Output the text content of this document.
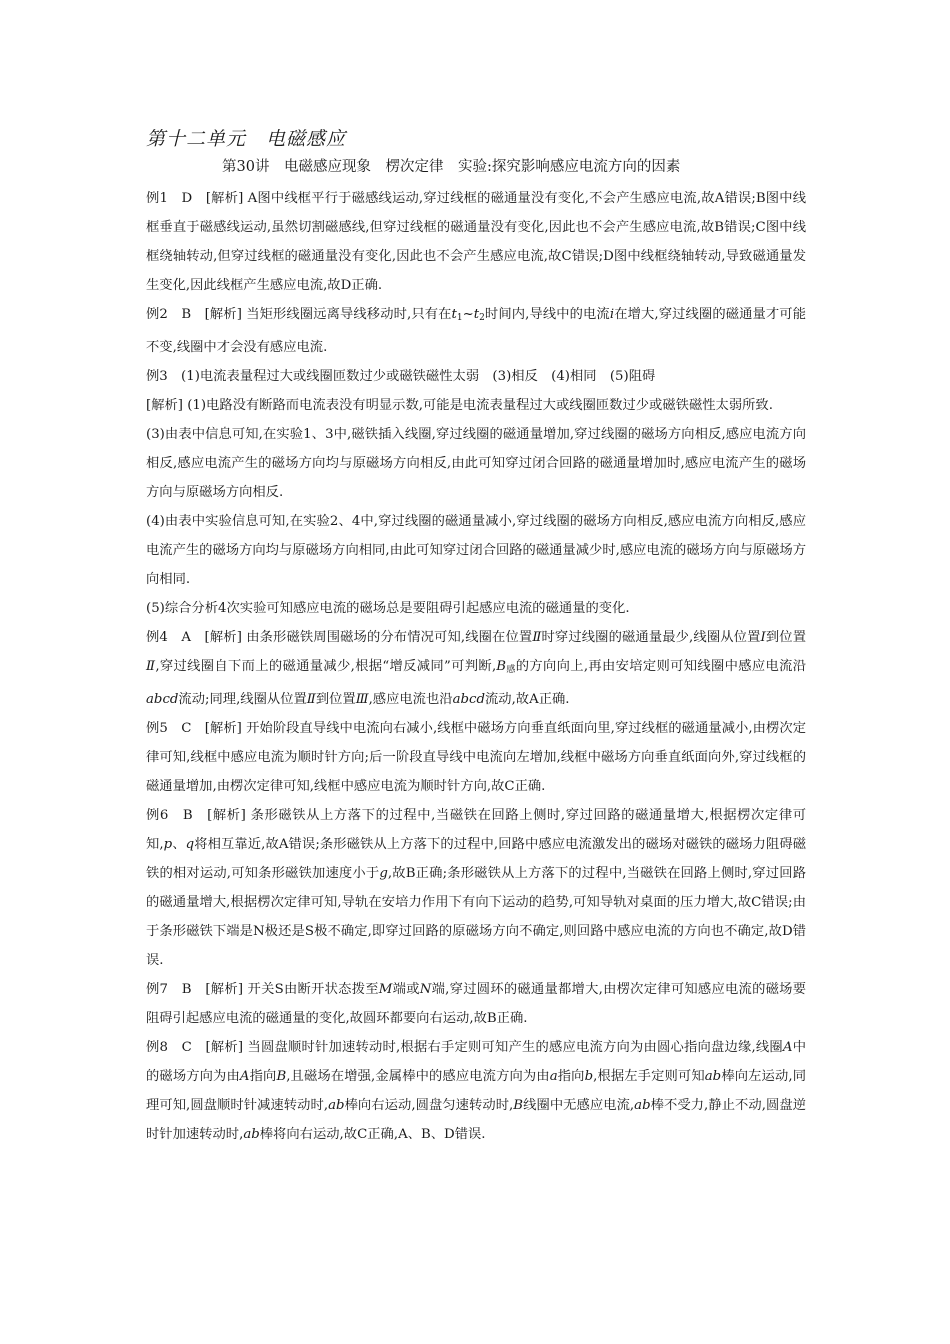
第十二单元　电磁感应
第30讲　电磁感应现象　楞次定律　实验:探究影响感应电流方向的因素

例1　D　[解析] A图中线框平行于磁感线运动,穿过线框的磁通量没有变化,不会产生感应电流,故A错误;B图中线框垂直于磁感线运动,虽然切割磁感线,但穿过线框的磁通量没有变化,因此也不会产生感应电流,故B错误;C图中线框绕轴转动,但穿过线框的磁通量没有变化,因此也不会产生感应电流,故C错误;D图中线框绕轴转动,导致磁通量发生变化,因此线框产生感应电流,故D正确.

例2　B　[解析] 当矩形线圈远离导线移动时,只有在$t_1\sim t_2$时间内,导线中的电流i在增大,穿过线圈的磁通量才可能不变,线圈中才会没有感应电流.

例3　(1)电流表量程过大或线圈匝数过少或磁铁磁性太弱　(3)相反　(4)相同　(5)阻碍

[解析] (1)电路没有断路而电流表没有明显示数,可能是电流表量程过大或线圈匝数过少或磁铁磁性太弱所致.

(3)由表中信息可知,在实验1、3中,磁铁插入线圈,穿过线圈的磁通量增加,穿过线圈的磁场方向相反,感应电流方向相反,感应电流产生的磁场方向均与原磁场方向相反,由此可知穿过闭合回路的磁通量增加时,感应电流产生的磁场方向与原磁场方向相反.

(4)由表中实验信息可知,在实验2、4中,穿过线圈的磁通量减小,穿过线圈的磁场方向相反,感应电流方向相反,感应电流产生的磁场方向均与原磁场方向相同,由此可知穿过闭合回路的磁通量减少时,感应电流的磁场方向与原磁场方向相同.

(5)综合分析4次实验可知感应电流的磁场总是要阻碍引起感应电流的磁通量的变化.

例4　A　[解析] 由条形磁铁周围磁场的分布情况可知,线圈在位置Ⅱ时穿过线圈的磁通量最少,线圈从位置Ⅰ到位置Ⅱ,穿过线圈自下而上的磁通量减少,根据“增反减同”可判断$,B_感$的方向向上,再由安培定则可知线圈中感应电流沿abcd流动;同理,线圈从位置Ⅱ到位置Ⅲ,感应电流也沿abcd流动,故A正确.

例5　C　[解析] 开始阶段直导线中电流向右减小,线框中磁场方向垂直纸面向里,穿过线框的磁通量减小,由楞次定律可知,线框中感应电流为顺时针方向;后一阶段直导线中电流向左增加,线框中磁场方向垂直纸面向外,穿过线框的磁通量增加,由楞次定律可知,线框中感应电流为顺时针方向,故C正确.

例6　B　[解析] 条形磁铁从上方落下的过程中,当磁铁在回路上侧时,穿过回路的磁通量增大,根据楞次定律可知,p、q将相互靠近,故A错误;条形磁铁从上方落下的过程中,回路中感应电流激发出的磁场对磁铁的磁场力阻碍磁铁的相对运动,可知条形磁铁加速度小于g,故B正确;条形磁铁从上方落下的过程中,当磁铁在回路上侧时,穿过回路的磁通量增大,根据楞次定律可知,导轨在安培力作用下有向下运动的趋势,可知导轨对桌面的压力增大,故C错误;由于条形磁铁下端是N极还是S极不确定,即穿过回路的原磁场方向不确定,则回路中感应电流的方向也不确定,故D错误.

例7　B　[解析] 开关S由断开状态拨至M端或N端,穿过圆环的磁通量都增大,由楞次定律可知感应电流的磁场要阻碍引起感应电流的磁通量的变化,故圆环都要向右运动,故B正确.

例8　C　[解析] 当圆盘顺时针加速转动时,根据右手定则可知产生的感应电流方向为由圆心指向盘边缘,线圈A中的磁场方向为由A指向B,且磁场在增强,金属棒中的感应电流方向为由a指向b,根据左手定则可知ab棒向左运动,同理可知,圆盘顺时针减速转动时,ab棒向右运动,圆盘匀速转动时,B线圈中无感应电流,ab棒不受力,静止不动,圆盘逆时针加速转动时,ab棒将向右运动,故C正确,A、B、D错误.
